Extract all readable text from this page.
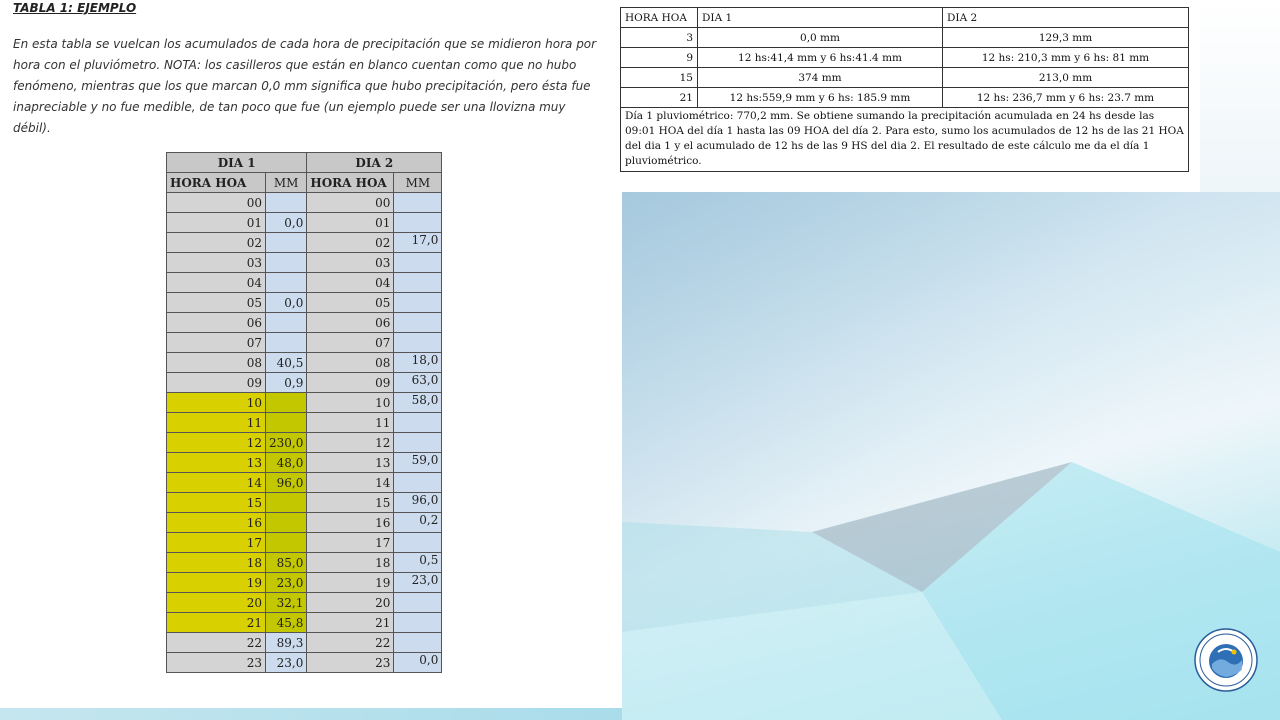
TABLA 1: EJEMPLO
En esta tabla se vuelcan los acumulados de cada hora de precipitación que se midieron hora por hora con el pluviómetro. NOTA: los casilleros que están en blanco cuentan como que no hubo fenómeno, mientras que los que marcan 0,0 mm significa que hubo precipitación, pero ésta fue inapreciable y no fue medible, de tan poco que fue (un ejemplo puede ser una llovizna muy débil).
DIA 1		DIA 2	
HORA HOA	MM	HORA HOA	MM
00		00	
01	0,0	01	
02		02	17,0
03		03	
04		04	
05	0,0	05	
06		06	
07		07	
08	40,5	08	18,0
09	0,9	09	63,0
10		10	58,0
11		11	
12	230,0	12	
13	48,0	13	59,0
14	96,0	14	
15		15	96,0
16		16	0,2
17		17	
18	85,0	18	0,5
19	23,0	19	23,0
20	32,1	20	
21	45,8	21	
22	89,3	22	
23	23,0	23	0,0
HORA HOA	DIA 1	DIA 2
3	0,0 mm	129,3 mm
9	12 hs:41,4 mm y 6 hs:41.4 mm	12 hs: 210,3 mm y 6 hs: 81 mm
15	374 mm	213,0 mm
21	12 hs:559,9 mm y 6 hs: 185.9 mm	12 hs: 236,7 mm y 6 hs: 23.7 mm
Día 1 pluviométrico: 770,2 mm. Se obtiene sumando la precipitación acumulada en 24 hs desde las 09:01 HOA del día 1 hasta las 09 HOA del día 2. Para esto, sumo los acumulados de 12 hs de las 21 HOA del dia 1 y el acumulado de 12 hs de las 9 HS del dia 2. El resultado de este cálculo me da el día 1 pluviométrico.		
